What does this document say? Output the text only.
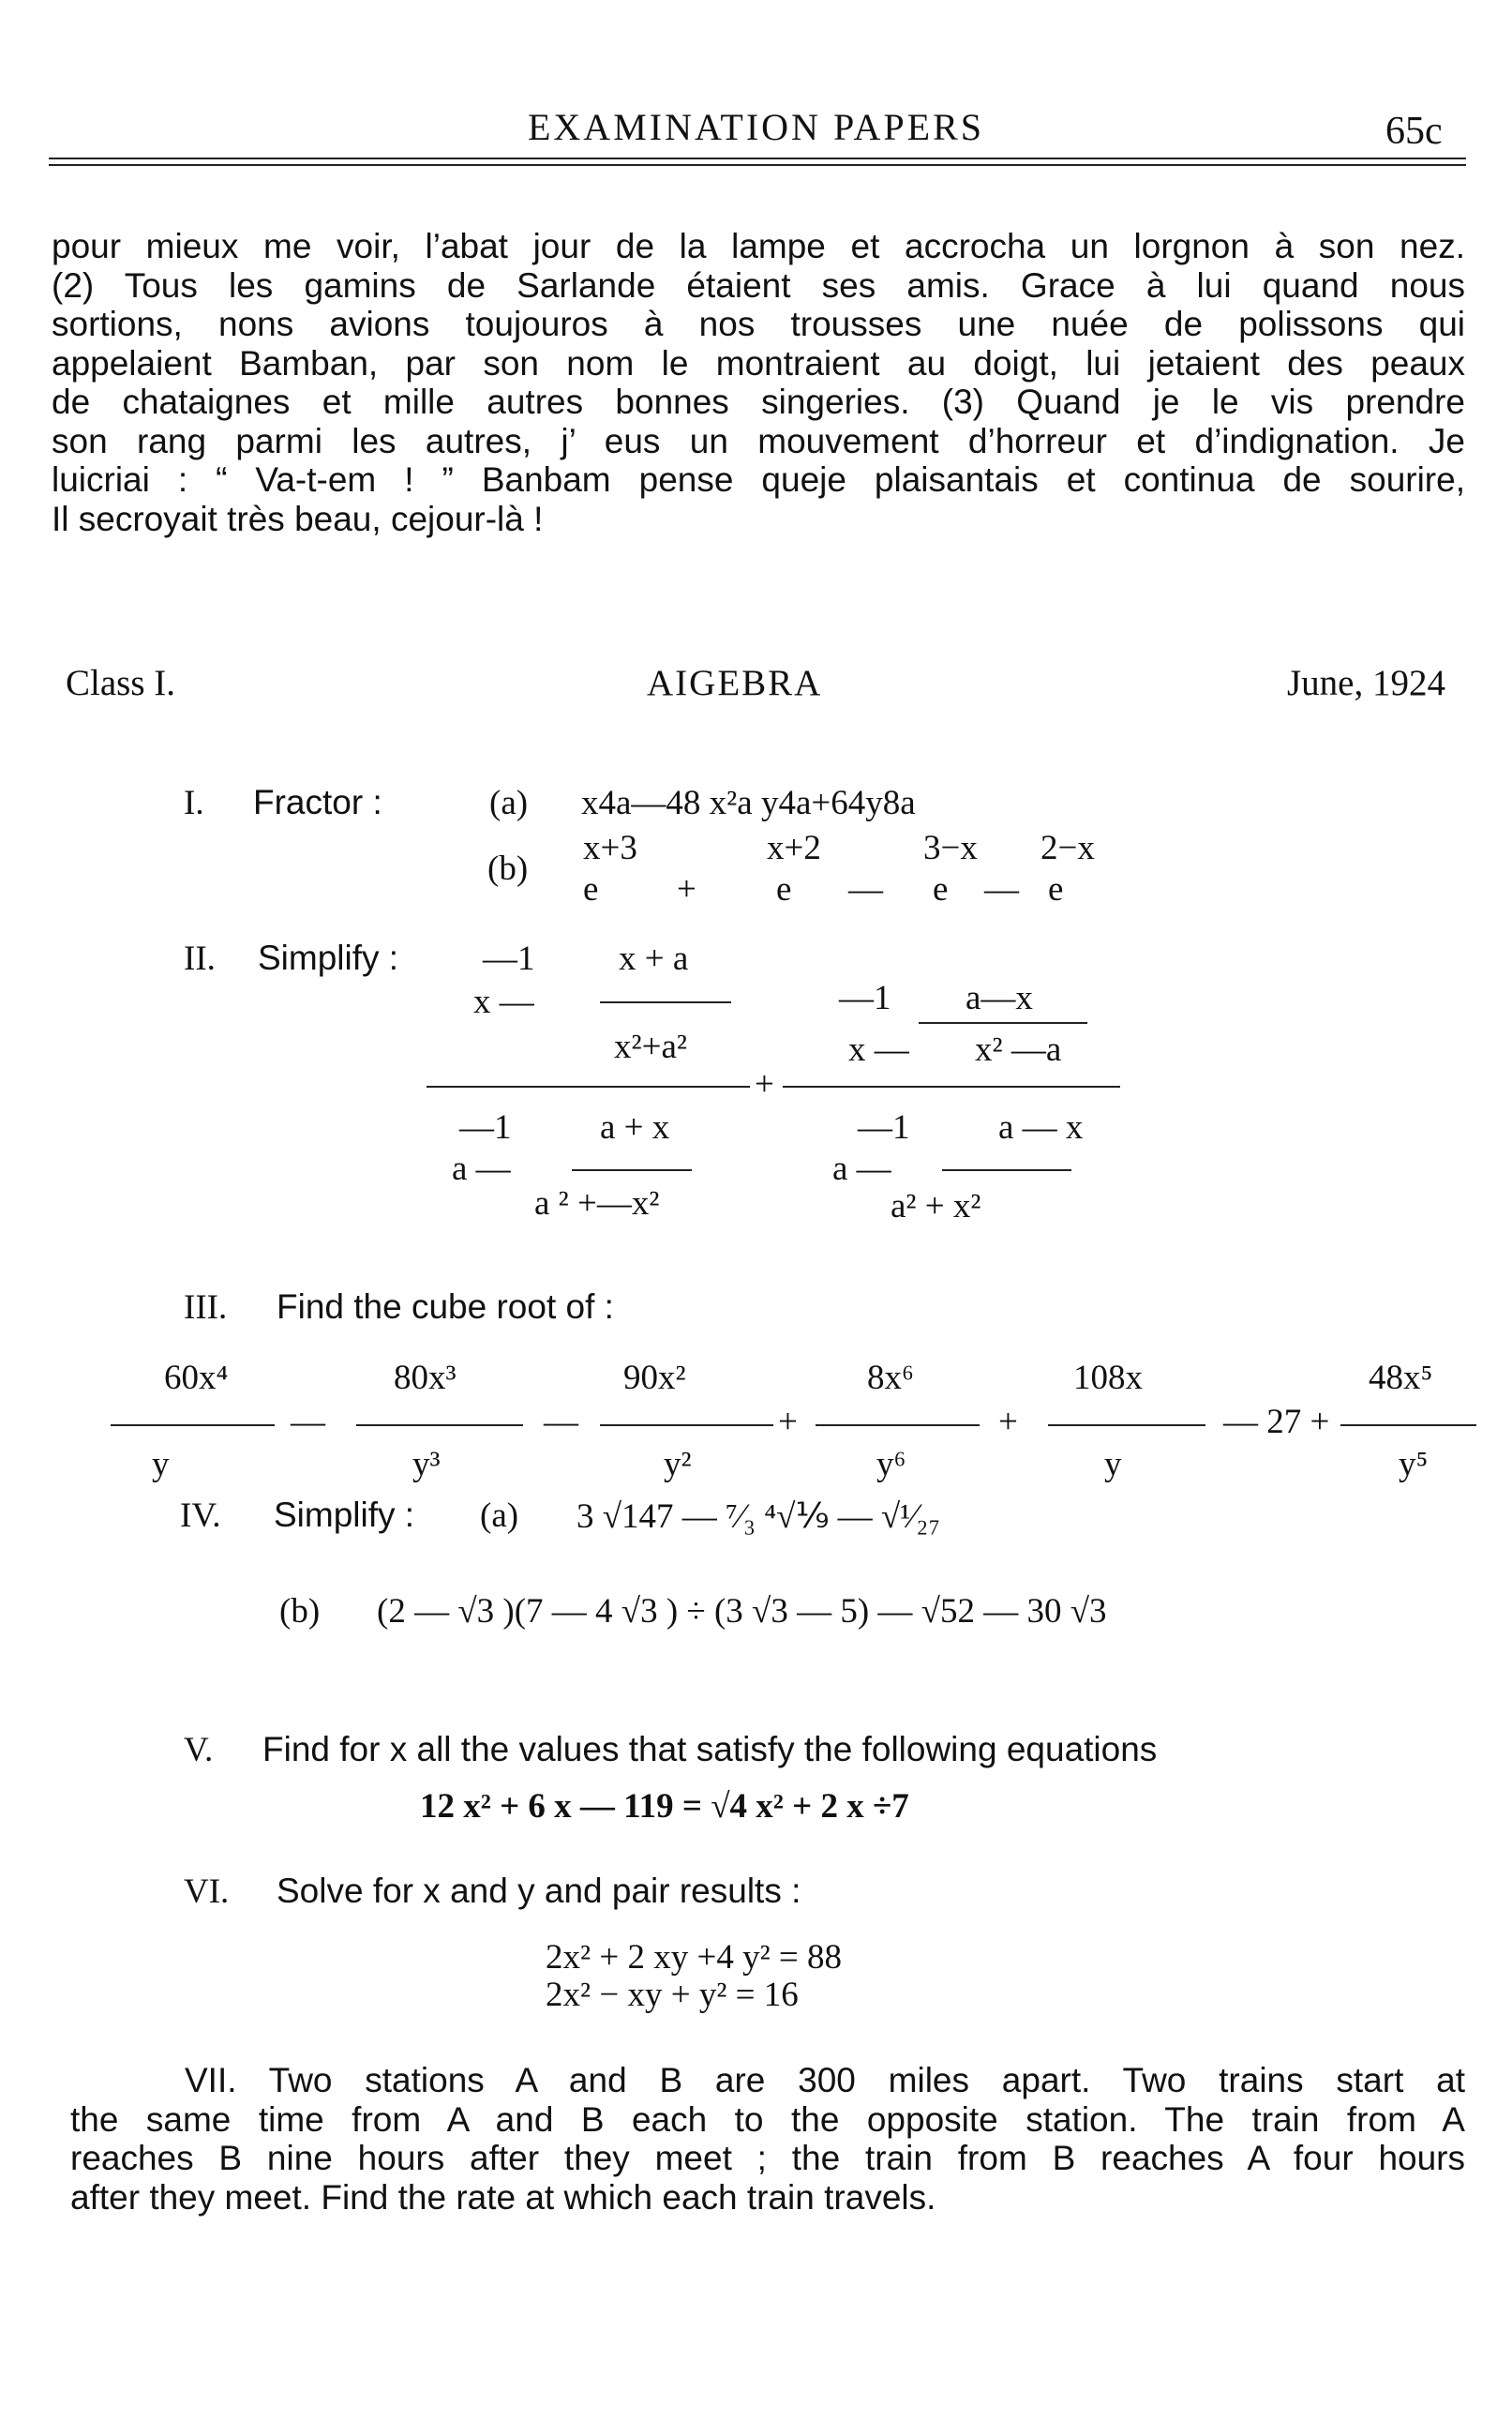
EXAMINATION PAPERS	65c
pour mieux me voir, l’abat jour de la lampe et accrocha un lorgnon à son nez.
(2) Tous les gamins de Sarlande étaient ses amis. Grace à lui quand nous
sortions, nons avions toujouros à nos trousses une nuée de polissons qui
appelaient Bamban, par son nom le montraient au doigt, lui jetaient des peaux
de chataignes et mille autres bonnes singeries. (3) Quand je le vis prendre
son rang parmi les autres, j’ eus un mouvement d’horreur et d’indignation. Je
luicriai : “ Va-t-em ! ” Banbam pense queje plaisantais et continua de sourire,
Il secroyait très beau, cejour-là !
Class I.	AIGEBRA	June, 1924
I. Fractor :	(a) x4a—48 x²a y4a+64y8a
(b)
x+3	x+2	3−x 2−x
e + e — e — e
II. Simplify : —1 x + a
x —
x²+a²
—1 a—x
x — x² —a
+
—1	a + x
a —
a ² +—x²
—1	a — x
a —
a² + x²
III. Find the cube root of :
60x⁴
y
—
80x³
y³
—
90x²
y²
+
8x⁶
y⁶
+
108x
y
— 27 +
48x⁵
y⁵
IV. Simplify : (a) 3 √147 — ⁷⁄₃ ⁴√⅑ — √¹⁄₂₇
(b) (2 — √3 )(7 — 4 √3 ) ÷ (3 √3 — 5) — √52 — 30 √3
V. Find for x all the values that satisfy the following equations
12 x² + 6 x — 119 = √4 x² + 2 x ÷7
VI. Solve for x and y and pair results :
2x² + 2 xy +4 y² = 88
2x² − xy + y² = 16
VII. Two stations A and B are 300 miles apart. Two trains start at
the same time from A and B each to the opposite station. The train from A
reaches B nine hours after they meet ; the train from B reaches A four hours
after they meet. Find the rate at which each train travels.
